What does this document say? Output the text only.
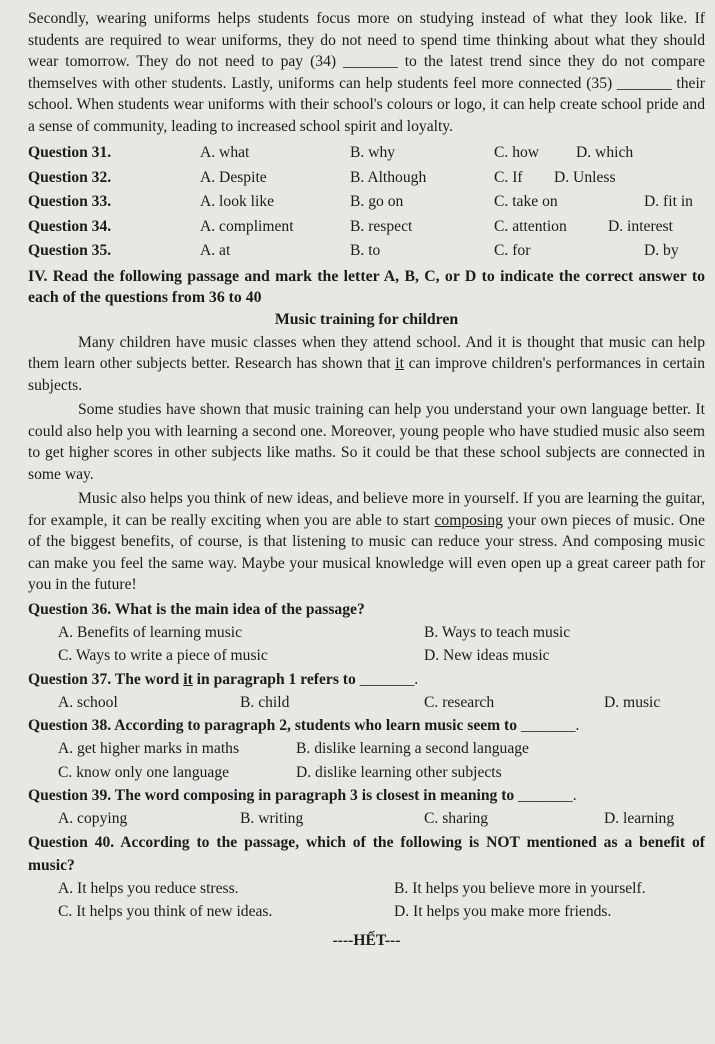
Secondly, wearing uniforms helps students focus more on studying instead of what they look like. If students are required to wear uniforms, they do not need to spend time thinking about what they should wear tomorrow. They do not need to pay (34) _______ to the latest trend since they do not compare themselves with other students. Lastly, uniforms can help students feel more connected (35) _______ their school. When students wear uniforms with their school's colours or logo, it can help create school pride and a sense of community, leading to increased school spirit and loyalty.

Question 31.	A. what	B. why	C. how D. which
Question 32.	A. Despite	B. Although	C. If D. Unless
Question 33.	A. look like	B. go on	C. take on	D. fit in
Question 34.	A. compliment	B. respect	C. attention	D. interest
Question 35.	A. at	B. to	C. for	D. by

IV. Read the following passage and mark the letter A, B, C, or D to indicate the correct answer to each of the questions from 36 to 40

Music training for children

Many children have music classes when they attend school. And it is thought that music can help them learn other subjects better. Research has shown that it can improve children's performances in certain subjects.

Some studies have shown that music training can help you understand your own language better. It could also help you with learning a second one. Moreover, young people who have studied music also seem to get higher scores in other subjects like maths. So it could be that these school subjects are connected in some way.

Music also helps you think of new ideas, and believe more in yourself. If you are learning the guitar, for example, it can be really exciting when you are able to start composing your own pieces of music. One of the biggest benefits, of course, is that listening to music can reduce your stress. And composing music can make you feel the same way. Maybe your musical knowledge will even open up a great career path for you in the future!

Question 36. What is the main idea of the passage?

A. Benefits of learning music	B. Ways to teach music
C. Ways to write a piece of music	D. New ideas music

Question 37. The word it in paragraph 1 refers to _______.

A. school	B. child	C. research	D. music

Question 38. According to paragraph 2, students who learn music seem to _______.

A. get higher marks in maths	B. dislike learning a second language
C. know only one language	D. dislike learning other subjects

Question 39. The word composing in paragraph 3 is closest in meaning to _______.

A. copying	B. writing	C. sharing	D. learning

Question 40. According to the passage, which of the following is NOT mentioned as a benefit of music?

A. It helps you reduce stress.	B. It helps you believe more in yourself.
C. It helps you think of new ideas.	D. It helps you make more friends.

----HẾT---
